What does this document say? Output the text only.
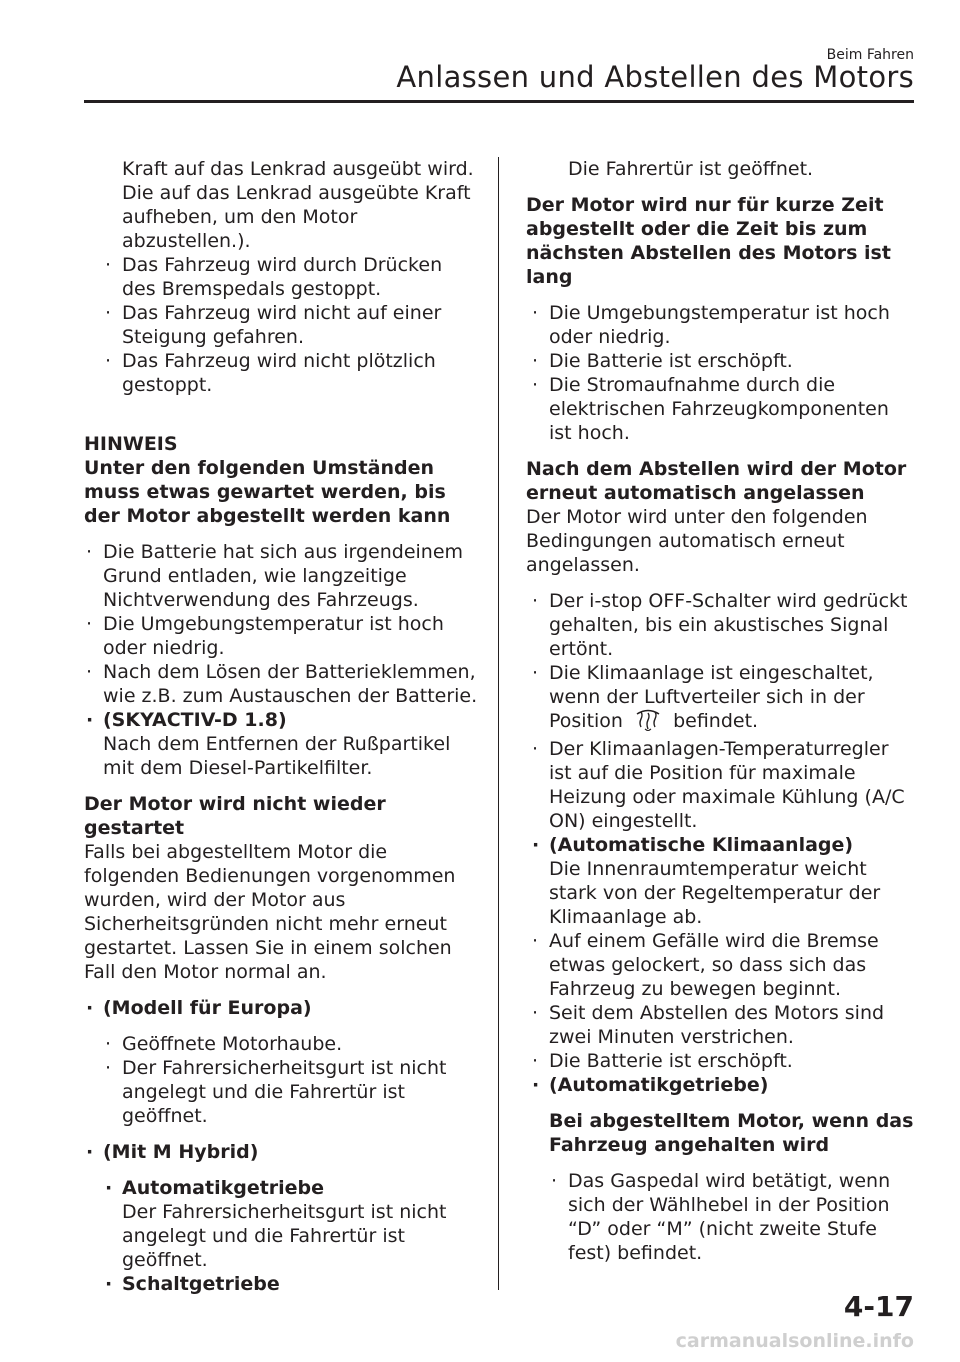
Beim Fahren
Anlassen und Abstellen des Motors

Kraft auf das Lenkrad ausgeübt wird. Die auf das Lenkrad ausgeübte Kraft aufheben, um den Motor abzustellen.).

· Das Fahrzeug wird durch Drücken des Bremspedals gestoppt.

· Das Fahrzeug wird nicht auf einer Steigung gefahren.

· Das Fahrzeug wird nicht plötzlich gestoppt.

HINWEIS

Unter den folgenden Umständen muss etwas gewartet werden, bis der Motor abgestellt werden kann

· Die Batterie hat sich aus irgendeinem Grund entladen, wie langzeitige Nichtverwendung des Fahrzeugs.

· Die Umgebungstemperatur ist hoch oder niedrig.

· Nach dem Lösen der Batterieklemmen, wie z.B. zum Austauschen der Batterie.

· (SKYACTIV-D 1.8)

Nach dem Entfernen der Rußpartikel mit dem Diesel-Partikelfilter.

Der Motor wird nicht wieder gestartet

Falls bei abgestelltem Motor die folgenden Bedienungen vorgenommen wurden, wird der Motor aus Sicherheitsgründen nicht mehr erneut gestartet. Lassen Sie in einem solchen Fall den Motor normal an.

· (Modell für Europa)

· Geöffnete Motorhaube.

· Der Fahrersicherheitsgurt ist nicht angelegt und die Fahrertür ist geöffnet.

· (Mit M Hybrid)

· Automatikgetriebe

Der Fahrersicherheitsgurt ist nicht angelegt und die Fahrertür ist geöffnet.

· Schaltgetriebe

Die Fahrertür ist geöffnet.

Der Motor wird nur für kurze Zeit abgestellt oder die Zeit bis zum nächsten Abstellen des Motors ist lang

· Die Umgebungstemperatur ist hoch oder niedrig.

· Die Batterie ist erschöpft.

· Die Stromaufnahme durch die elektrischen Fahrzeugkomponenten ist hoch.

Nach dem Abstellen wird der Motor erneut automatisch angelassen

Der Motor wird unter den folgenden Bedingungen automatisch erneut angelassen.

· Der i-stop OFF-Schalter wird gedrückt gehalten, bis ein akustisches Signal ertönt.

· Die Klimaanlage ist eingeschaltet, wenn der Luftverteiler sich in der Position	befindet.

· Der Klimaanlagen-Temperaturregler ist auf die Position für maximale Heizung oder maximale Kühlung (A/C ON) eingestellt.

· (Automatische Klimaanlage)

Die Innenraumtemperatur weicht stark von der Regeltemperatur der Klimaanlage ab.

· Auf einem Gefälle wird die Bremse etwas gelockert, so dass sich das Fahrzeug zu bewegen beginnt.

· Seit dem Abstellen des Motors sind zwei Minuten verstrichen.

· Die Batterie ist erschöpft.

· (Automatikgetriebe)

Bei abgestelltem Motor, wenn das Fahrzeug angehalten wird

· Das Gaspedal wird betätigt, wenn sich der Wählhebel in der Position “D” oder “M” (nicht zweite Stufe fest) befindet.

4-17
carmanualsonline.info
